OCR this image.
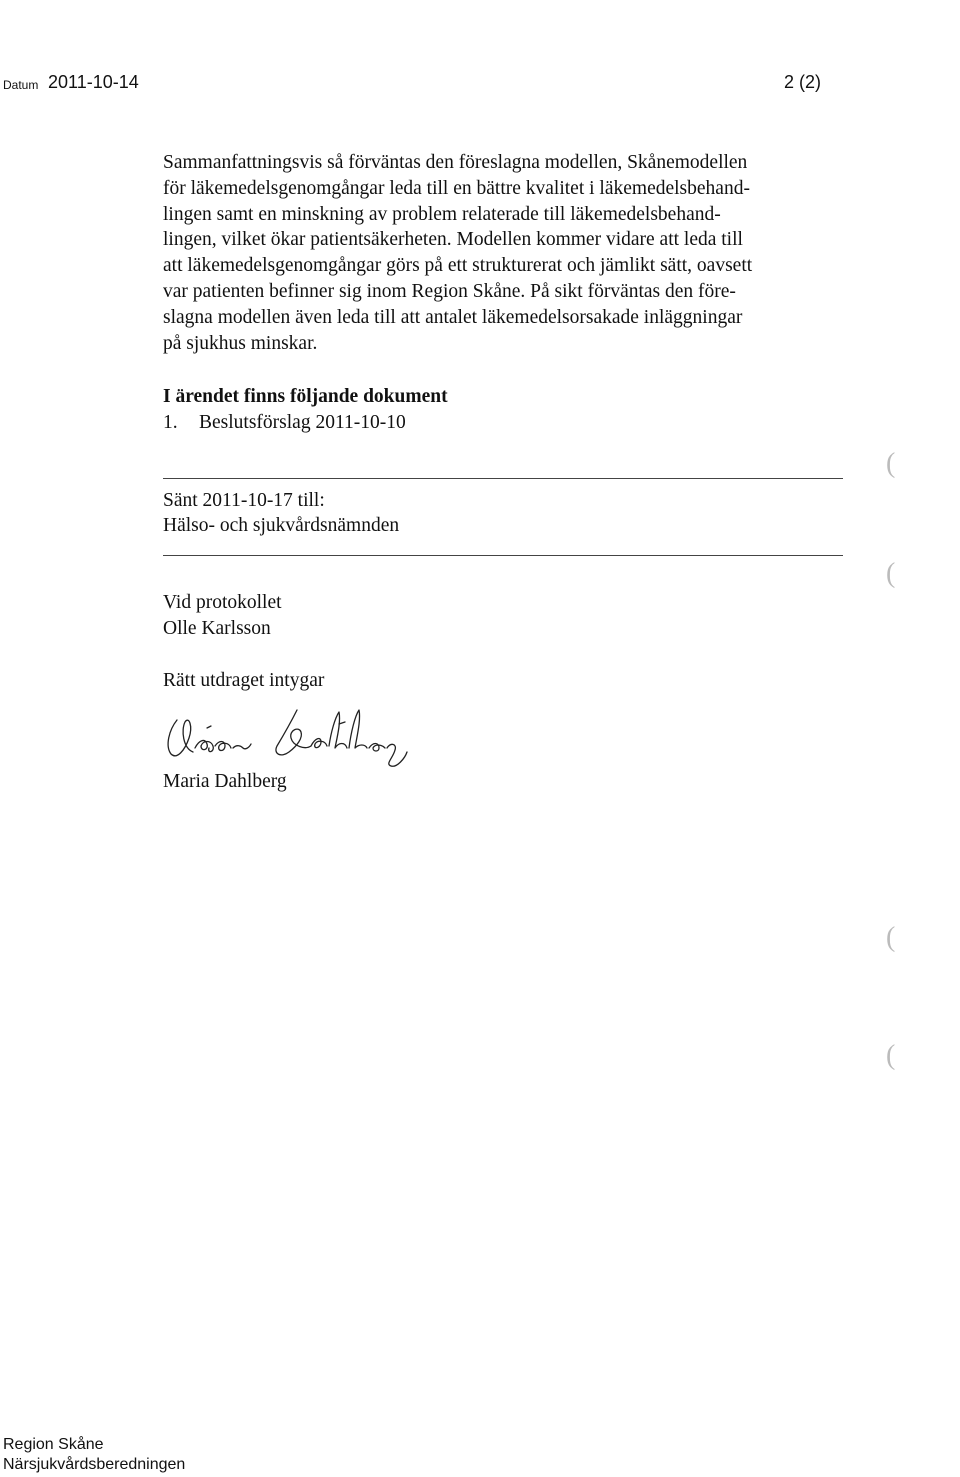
Datum 2011-10-14	2 (2)

Sammanfattningsvis så förväntas den föreslagna modellen, Skånemodellen
för läkemedelsgenomgångar leda till en bättre kvalitet i läkemedelsbehand-
lingen samt en minskning av problem relaterade till läkemedelsbehand-
lingen, vilket ökar patientsäkerheten. Modellen kommer vidare att leda till
att läkemedelsgenomgångar görs på ett strukturerat och jämlikt sätt, oavsett
var patienten befinner sig inom Region Skåne. På sikt förväntas den före-
slagna modellen även leda till att antalet läkemedelsorsakade inläggningar
på sjukhus minskar.

I ärendet finns följande dokument
1. Beslutsförslag 2011-10-10
Sänt 2011-10-17 till:
Hälso- och sjukvårdsnämnden
Vid protokollet
Olle Karlsson
Rätt utdraget intygar
Maria Dahlberg
Maria Dahlberg
(
(
(
(
Region Skåne
Närsjukvårdsberedningen
